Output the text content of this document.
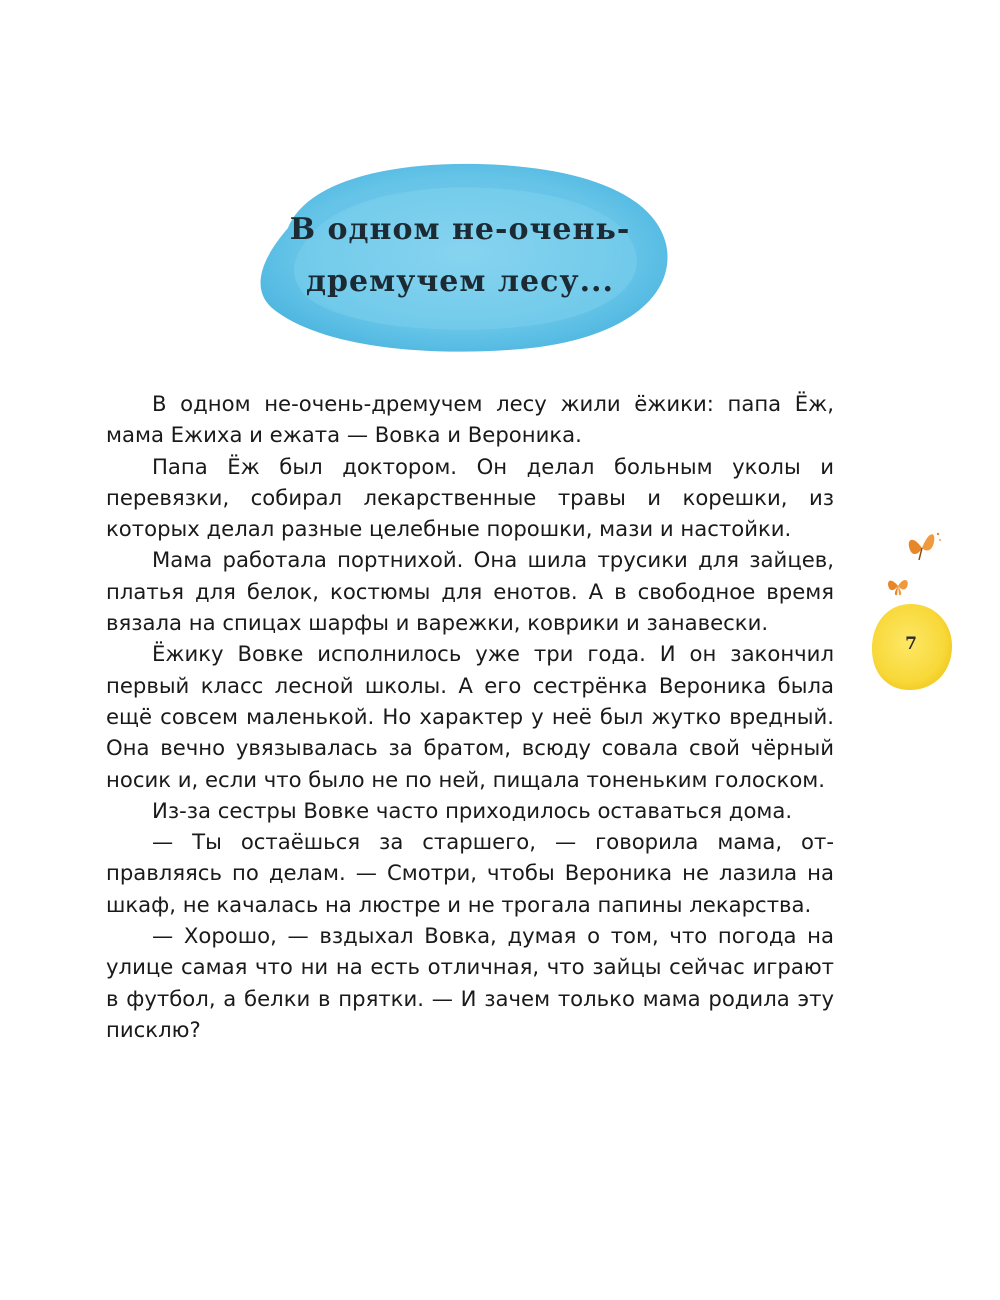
В одном не-очень-
дремучем лесу...

В одном не-очень-дремучем лесу жили ёжики: папа Ёж, мама Ежиха и ежата — Вовка и Вероника.

Папа Ёж был доктором. Он делал больным уколы и перевязки, собирал лекарственные травы и корешки, из которых делал разные целебные порошки, мази и настойки.

Мама работала портнихой. Она шила трусики для зайцев, платья для белок, костюмы для енотов. А в свободное время вязала на спицах шарфы и варежки, коврики и занавески.

Ёжику Вовке исполнилось уже три года. И он закончил первый класс лесной школы. А его сестрёнка Вероника была ещё совсем маленькой. Но характер у неё был жутко вредный. Она вечно увязывалась за братом, всюду совала свой чёрный носик и, если что было не по ней, пищала тоненьким голоском.

Из-за сестры Вовке часто приходилось оставаться дома.

— Ты остаёшься за старшего, — говорила мама, отправляясь по делам. — Смотри, чтобы Вероника не лазила на шкаф, не качалась на люстре и не трогала папины лекарства.

— Хорошо, — вздыхал Вовка, думая о том, что погода на улице самая что ни на есть отличная, что зайцы сейчас играют в футбол, а белки в прятки. — И зачем только мама родила эту писклю?

7
